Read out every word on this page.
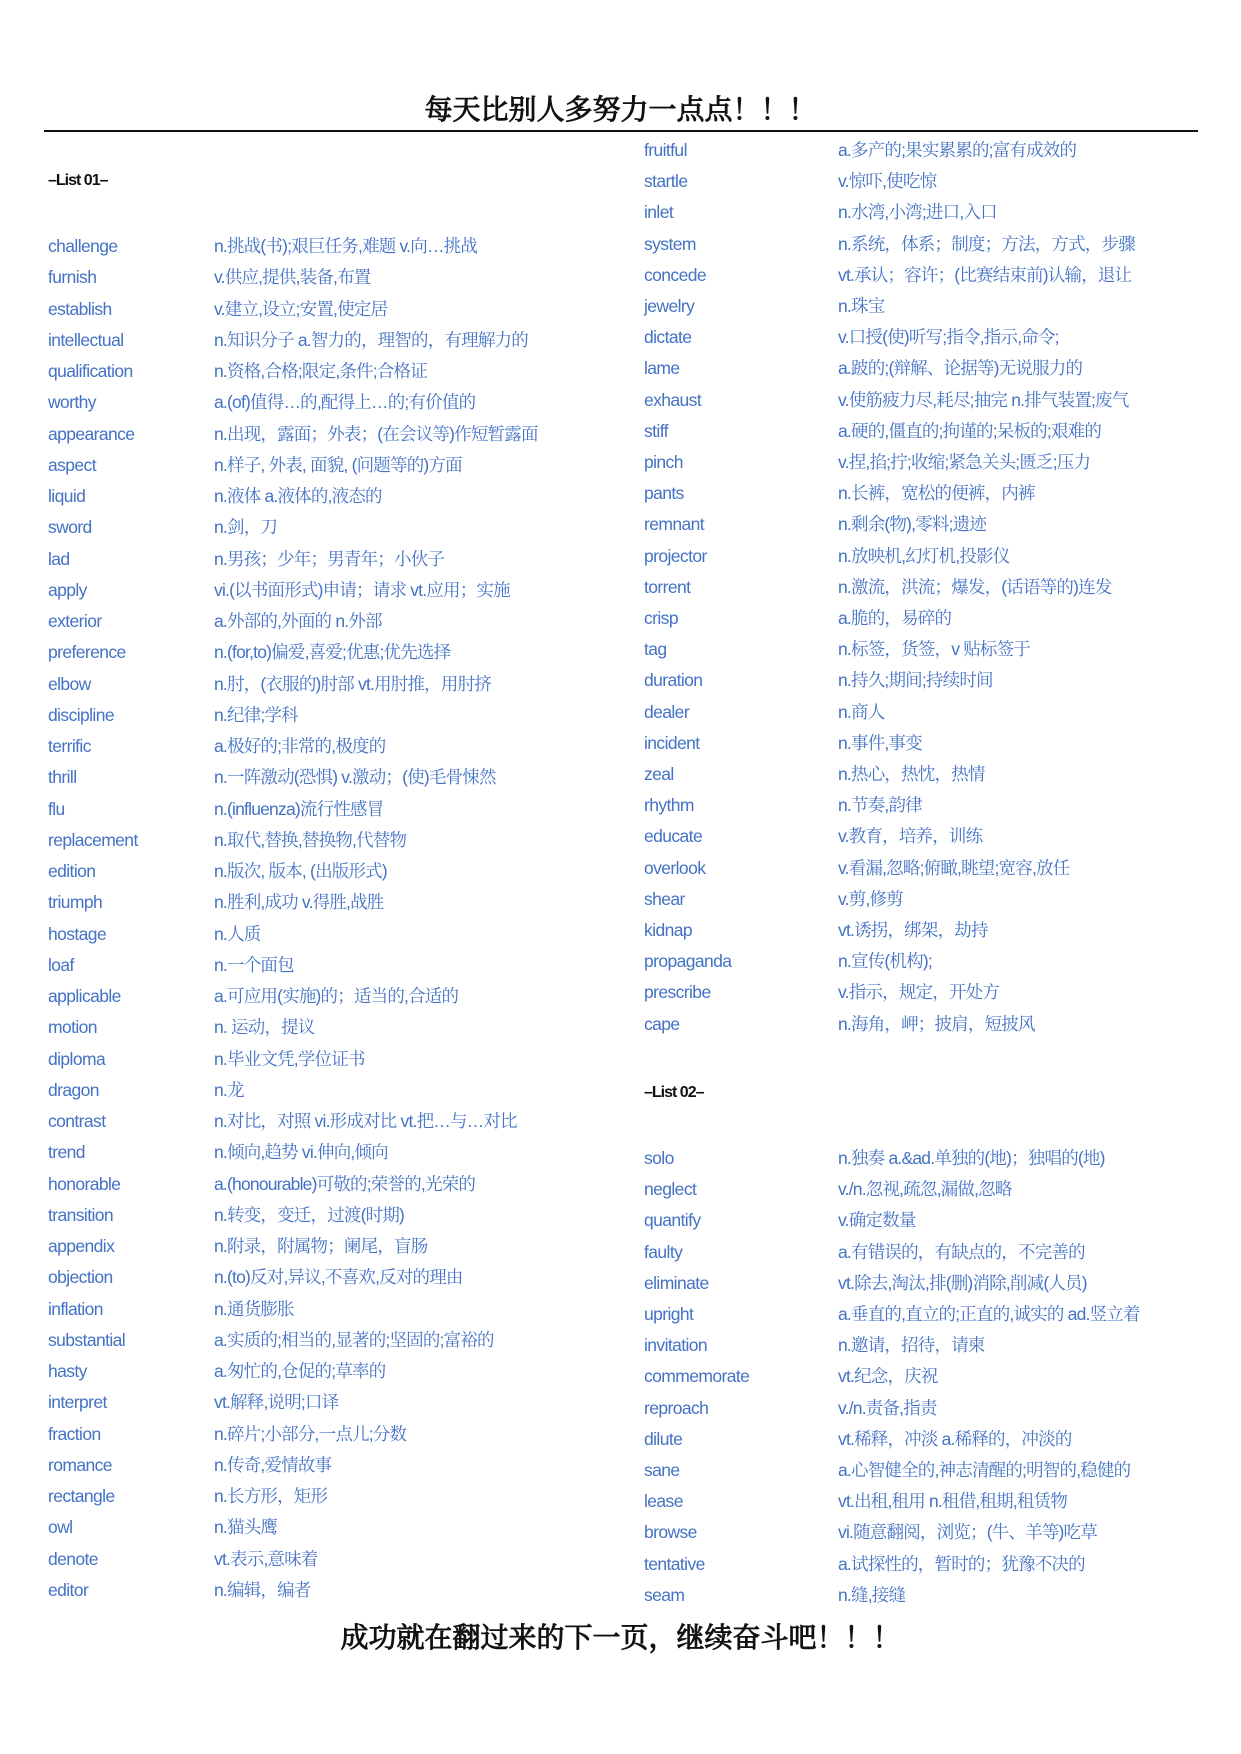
每天比别人多努力一点点！！！
–List 01–
challenge	n.挑战(书);艰巨任务,难题 v.向…挑战
furnish	v.供应,提供,装备,布置
establish	v.建立,设立;安置,使定居
intellectual	n.知识分子 a.智力的，理智的，有理解力的
qualification	n.资格,合格;限定,条件;合格证
worthy	a.(of)值得…的,配得上…的;有价值的
appearance	n.出现，露面；外表；(在会议等)作短暂露面
aspect	n.样子, 外表, 面貌, (问题等的)方面
liquid	n.液体 a.液体的,液态的
sword	n.剑，刀
lad	n.男孩；少年；男青年；小伙子
apply	vi.(以书面形式)申请；请求 vt.应用；实施
exterior	a.外部的,外面的 n.外部
preference	n.(for,to)偏爱,喜爱;优惠;优先选择
elbow	n.肘，(衣服的)肘部 vt.用肘推，用肘挤
discipline	n.纪律;学科
terrific	a.极好的;非常的,极度的
thrill	n.一阵激动(恐惧) v.激动；(使)毛骨悚然
flu	n.(influenza)流行性感冒
replacement	n.取代,替换,替换物,代替物
edition	n.版次, 版本, (出版形式)
triumph	n.胜利,成功 v.得胜,战胜
hostage	n.人质
loaf	n.一个面包
applicable	a.可应用(实施)的；适当的,合适的
motion	n. 运动，提议
diploma	n.毕业文凭,学位证书
dragon	n.龙
contrast	n.对比，对照 vi.形成对比 vt.把…与…对比
trend	n.倾向,趋势 vi.伸向,倾向
honorable	a.(honourable)可敬的;荣誉的,光荣的
transition	n.转变，变迁，过渡(时期)
appendix	n.附录，附属物；阑尾，盲肠
objection	n.(to)反对,异议,不喜欢,反对的理由
inflation	n.通货膨胀
substantial	a.实质的;相当的,显著的;坚固的;富裕的
hasty	a.匆忙的,仓促的;草率的
interpret	vt.解释,说明;口译
fraction	n.碎片;小部分,一点儿;分数
romance	n.传奇,爱情故事
rectangle	n.长方形，矩形
owl	n.猫头鹰
denote	vt.表示,意味着
editor	n.编辑，编者
–List 02–
fruitful	a.多产的;果实累累的;富有成效的
startle	v.惊吓,使吃惊
inlet	n.水湾,小湾;进口,入口
system	n.系统，体系；制度；方法，方式，步骤
concede	vt.承认；容许；(比赛结束前)认输，退让
jewelry	n.珠宝
dictate	v.口授(使)听写;指令,指示,命令;
lame	a.跛的;(辩解、论据等)无说服力的
exhaust	v.使筋疲力尽,耗尽;抽完 n.排气装置;废气
stiff	a.硬的,僵直的;拘谨的;呆板的;艰难的
pinch	v.捏,掐;拧;收缩;紧急关头;匮乏;压力
pants	n.长裤，宽松的便裤，内裤
remnant	n.剩余(物),零料;遗迹
projector	n.放映机,幻灯机,投影仪
torrent	n.激流，洪流；爆发，(话语等的)连发
crisp	a.脆的，易碎的
tag	n.标签，货签，v 贴标签于
duration	n.持久;期间;持续时间
dealer	n.商人
incident	n.事件,事变
zeal	n.热心，热忱，热情
rhythm	n.节奏,韵律
educate	v.教育，培养，训练
overlook	v.看漏,忽略;俯瞰,眺望;宽容,放任
shear	v.剪,修剪
kidnap	vt.诱拐，绑架，劫持
propaganda	n.宣传(机构);
prescribe	v.指示，规定，开处方
cape	n.海角，岬；披肩，短披风
solo	n.独奏 a.&ad.单独的(地)；独唱的(地)
neglect	v./n.忽视,疏忽,漏做,忽略
quantify	v.确定数量
faulty	a.有错误的，有缺点的，不完善的
eliminate	vt.除去,淘汰,排(删)消除,削减(人员)
upright	a.垂直的,直立的;正直的,诚实的 ad.竖立着
invitation	n.邀请，招待，请柬
commemorate	vt.纪念，庆祝
reproach	v./n.责备,指责
dilute	vt.稀释，冲淡 a.稀释的，冲淡的
sane	a.心智健全的,神志清醒的;明智的,稳健的
lease	vt.出租,租用 n.租借,租期,租赁物
browse	vi.随意翻阅，浏览；(牛、羊等)吃草
tentative	a.试探性的，暂时的；犹豫不决的
seam	n.缝,接缝
成功就在翻过来的下一页，继续奋斗吧！！！
